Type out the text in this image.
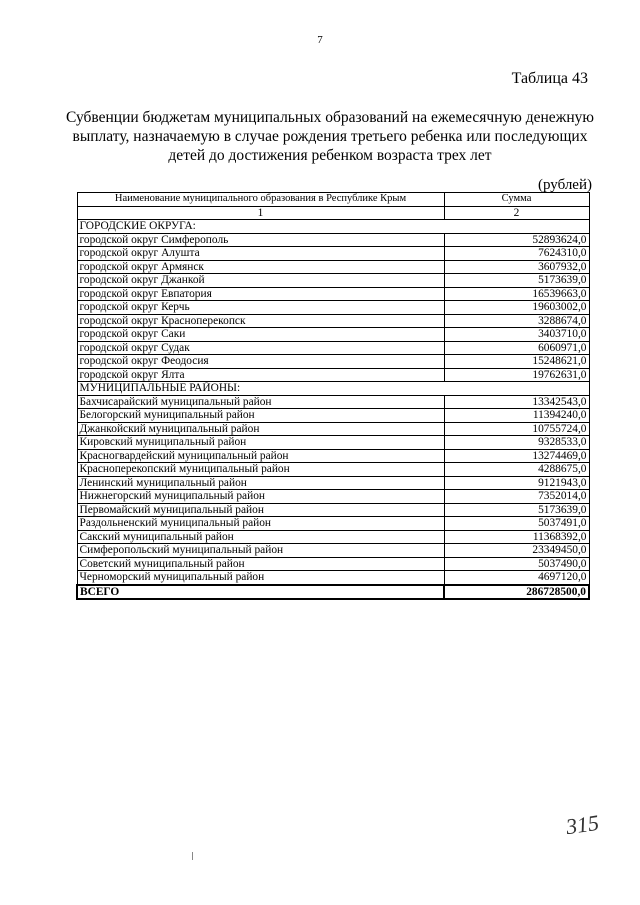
7
Таблица 43
Субвенции бюджетам муниципальных образований на ежемесячную денежную выплату, назначаемую в случае рождения третьего ребенка или последующих детей до достижения ребенком возраста трех лет
(рублей)
Наименование муниципального образования в Республике Крым	Сумма
1	2
ГОРОДСКИЕ ОКРУГА:	
городской округ Симферополь	52893624,0
городской округ Алушта	7624310,0
городской округ Армянск	3607932,0
городской округ Джанкой	5173639,0
городской округ Евпатория	16539663,0
городской округ Керчь	19603002,0
городской округ Красноперекопск	3288674,0
городской округ Саки	3403710,0
городской округ Судак	6060971,0
городской округ Феодосия	15248621,0
городской округ Ялта	19762631,0
МУНИЦИПАЛЬНЫЕ РАЙОНЫ:	
Бахчисарайский муниципальный район	13342543,0
Белогорский муниципальный район	11394240,0
Джанкойский муниципальный район	10755724,0
Кировский муниципальный район	9328533,0
Красногвардейский муниципальный район	13274469,0
Красноперекопский муниципальный район	4288675,0
Ленинский муниципальный район	9121943,0
Нижнегорский муниципальный район	7352014,0
Первомайский муниципальный район	5173639,0
Раздольненский муниципальный район	5037491,0
Сакский муниципальный район	11368392,0
Симферопольский муниципальный район	23349450,0
Советский муниципальный район	5037490,0
Черноморский муниципальный район	4697120,0
ВСЕГО	286728500,0
315
